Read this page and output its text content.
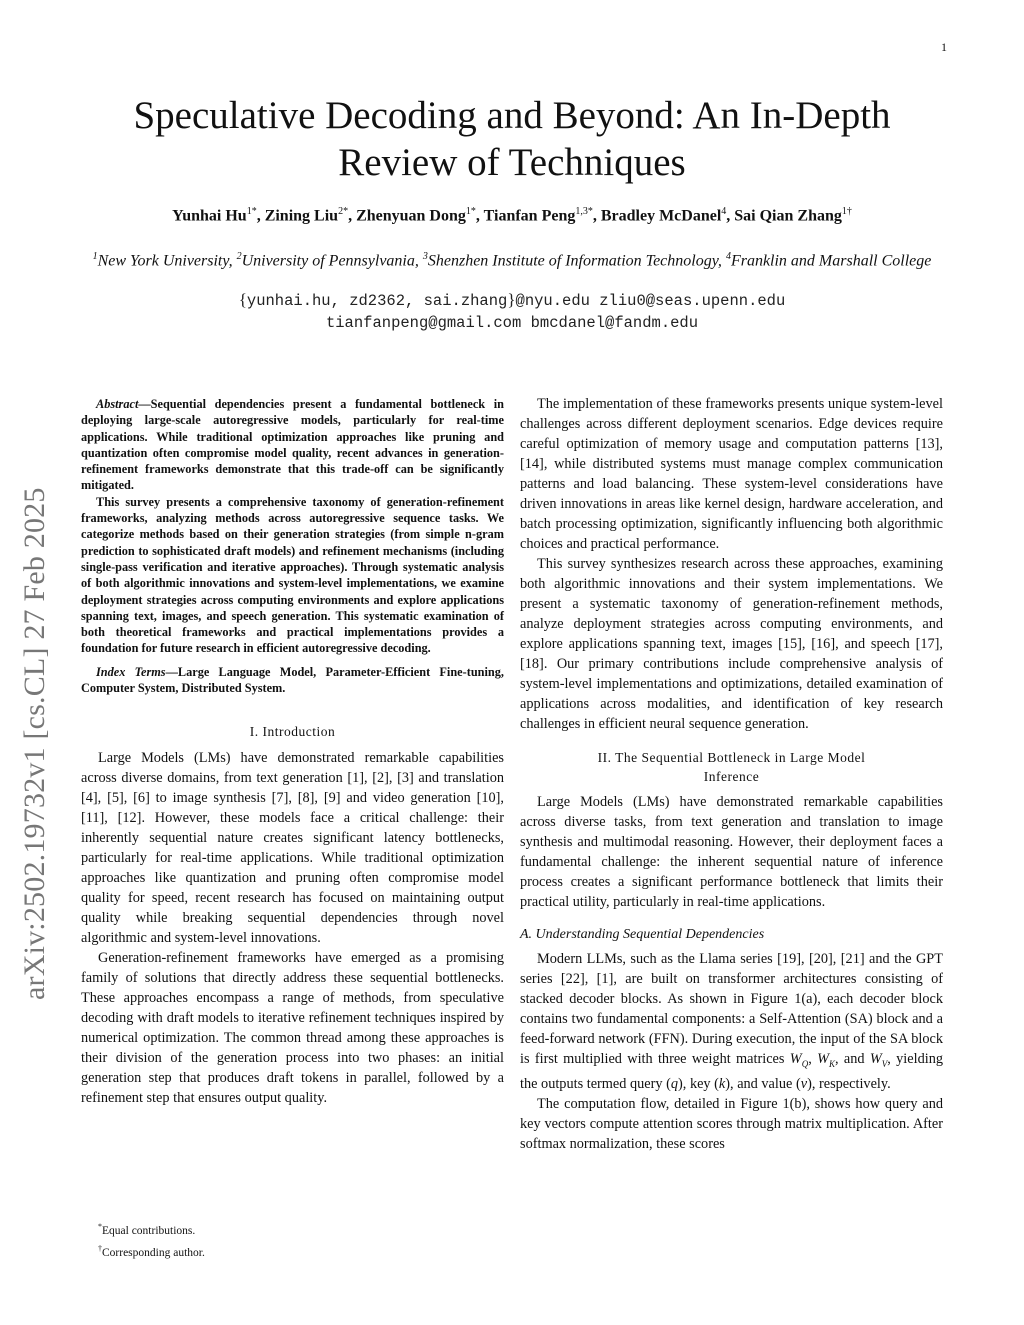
1
arXiv:2502.19732v1 [cs.CL] 27 Feb 2025
Speculative Decoding and Beyond: An In-Depth
Review of Techniques
Yunhai $Hu^{1*}$, Zining Liu$^{2*}$, Zhenyuan Dong$^{1*}$, Tianfan Peng$^{1,3*}$, Bradley McDanel$^4$, Sai Qian Zhang$^{1\dagger}$
$^1$New York University, $^2$University of Pennsylvania, $^3$Shenzhen Institute of Information Technology, $^4$Franklin and Marshall College
{yunhai.hu, zd2362, sai.zhang}@nyu.edu zliu0@seas.upenn.edu
tianfanpeng@gmail.com bmcdanel@fandm.edu

Abstract—Sequential dependencies present a fundamental bottleneck in deploying large-scale autoregressive models, particularly for real-time applications. While traditional optimization approaches like pruning and quantization often compromise model quality, recent advances in generation-refinement frameworks demonstrate that this trade-off can be significantly mitigated.

This survey presents a comprehensive taxonomy of generation-refinement frameworks, analyzing methods across autoregressive sequence tasks. We categorize methods based on their generation strategies (from simple n-gram prediction to sophisticated draft models) and refinement mechanisms (including single-pass verification and iterative approaches). Through systematic analysis of both algorithmic innovations and system-level implementations, we examine deployment strategies across computing environments and explore applications spanning text, images, and speech generation. This systematic examination of both theoretical frameworks and practical implementations provides a foundation for future research in efficient autoregressive decoding.

Index Terms—Large Language Model, Parameter-Efficient Fine-tuning, Computer System, Distributed System.

I. Introduction

Large Models (LMs) have demonstrated remarkable capabilities across diverse domains, from text generation [1], [2], [3] and translation [4], [5], [6] to image synthesis [7], [8], [9] and video generation [10], [11], [12]. However, these models face a critical challenge: their inherently sequential nature creates significant latency bottlenecks, particularly for real-time applications. While traditional optimization approaches like quantization and pruning often compromise model quality for speed, recent research has focused on maintaining output quality while breaking sequential dependencies through novel algorithmic and system-level innovations.

Generation-refinement frameworks have emerged as a promising family of solutions that directly address these sequential bottlenecks. These approaches encompass a range of methods, from speculative decoding with draft models to iterative refinement techniques inspired by numerical optimization. The common thread among these approaches is their division of the generation process into two phases: an initial generation step that produces draft tokens in parallel, followed by a refinement step that ensures output quality.

*Equal contributions.
†Corresponding author.

The implementation of these frameworks presents unique system-level challenges across different deployment scenarios. Edge devices require careful optimization of memory usage and computation patterns [13], [14], while distributed systems must manage complex communication patterns and load balancing. These system-level considerations have driven innovations in areas like kernel design, hardware acceleration, and batch processing optimization, significantly influencing both algorithmic choices and practical performance.

This survey synthesizes research across these approaches, examining both algorithmic innovations and their system implementations. We present a systematic taxonomy of generation-refinement methods, analyze deployment strategies across computing environments, and explore applications spanning text, images [15], [16], and speech [17], [18]. Our primary contributions include comprehensive analysis of system-level implementations and optimizations, detailed examination of applications across modalities, and identification of key research challenges in efficient neural sequence generation.

II. The Sequential Bottleneck in Large Model
Inference

Large Models (LMs) have demonstrated remarkable capabilities across diverse tasks, from text generation and translation to image synthesis and multimodal reasoning. However, their deployment faces a fundamental challenge: the inherent sequential nature of inference process creates a significant performance bottleneck that limits their practical utility, particularly in real-time applications.

A. Understanding Sequential Dependencies

Modern LLMs, such as the Llama series [19], [20], [21] and the GPT series [22], [1], are built on transformer architectures consisting of stacked decoder blocks. As shown in Figure 1(a), each decoder block contains two fundamental components: a Self-Attention (SA) block and a feed-forward network (FFN). During execution, the input of the SA block is first multiplied with three weight matrices $W_Q$, $W_K$, and $W_V$, yielding the outputs termed query (q), key (k), and value (v), respectively.

The computation flow, detailed in Figure 1(b), shows how query and key vectors compute attention scores through matrix multiplication. After softmax normalization, these scores
